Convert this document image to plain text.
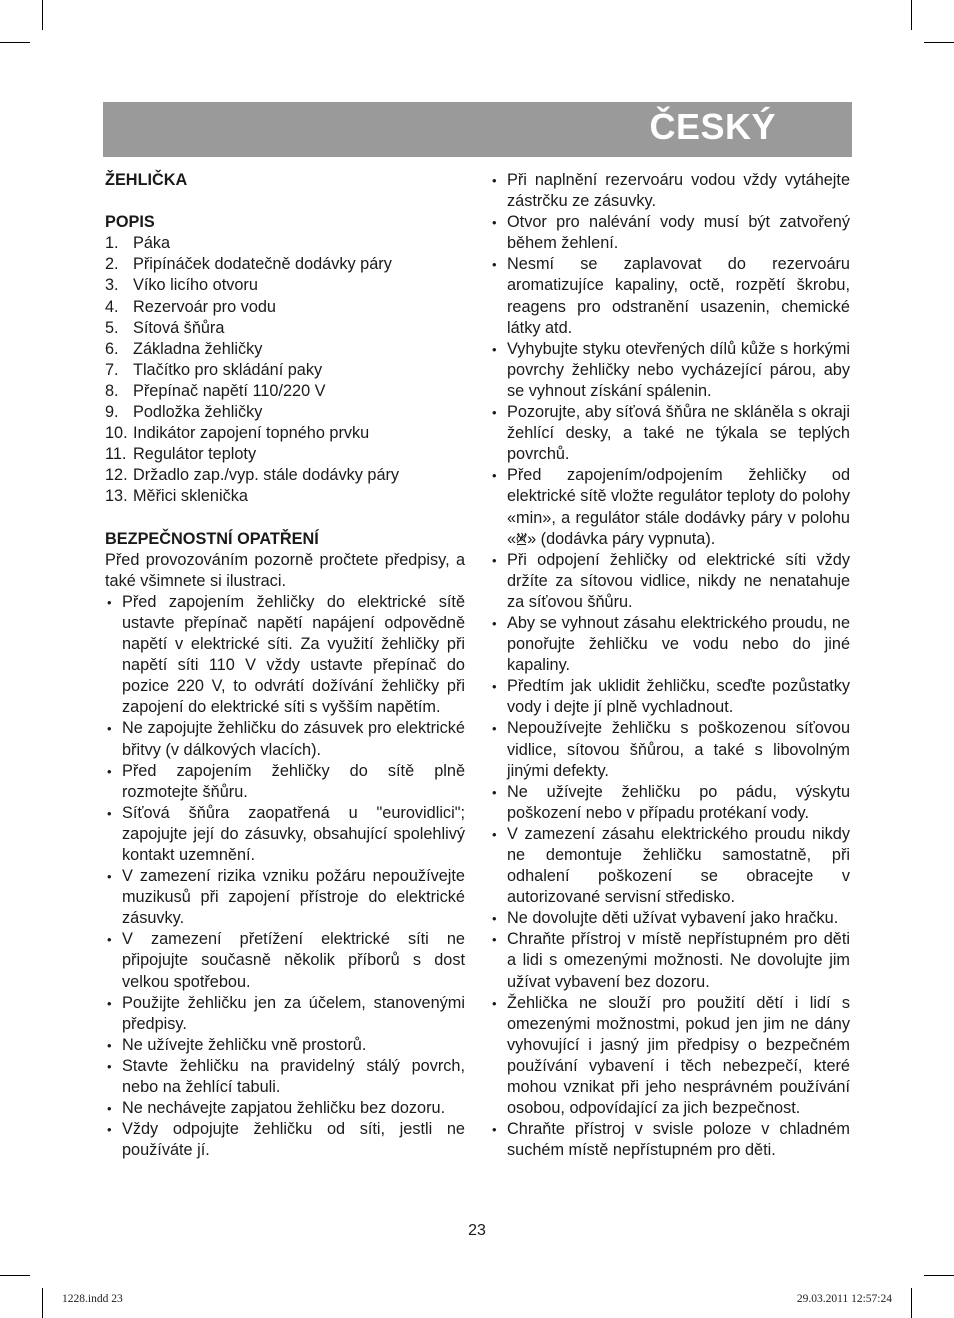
ČESKÝ
ŽEHLIČKA
POPIS
1. Páka
2. Připínáček dodatečně dodávky páry
3. Víko licího otvoru
4. Rezervoár pro vodu
5. Sítová šňůra
6. Základna žehličky
7. Tlačítko pro skládání paky
8. Přepínač napětí 110/220 V
9. Podložka žehličky
10. Indikátor zapojení topného prvku
11. Regulátor teploty
12. Držadlo zap./vyp. stále dodávky páry
13. Měřici sklenička
BEZPEČNOSTNÍ OPATŘENÍ
Před provozováním pozorně pročtete předpisy, a také všimnete si ilustraci.
• Před zapojením žehličky do elektrické sítě ustavte přepínač napětí napájení odpovědně napětí v elektrické síti. Za využití žehličky při napětí síti 110 V vždy ustavte přepínač do pozice 220 V, to odvrátí dožívání žehličky při zapojení do elektrické síti s vyšším napětím.
• Ne zapojujte žehličku do zásuvek pro elektrické břitvy (v dálkových vlacích).
• Před zapojením žehličky do sítě plně rozmotejte šňůru.
• Síťová šňůra zaopatřená u "eurovidlici"; zapojujte její do zásuvky, obsahující spolehlivý kontakt uzemnění.
• V zamezení rizika vzniku požáru nepoužívejte muzikusů při zapojení přístroje do elektrické zásuvky.
• V zamezení přetížení elektrické síti ne připojujte současně několik příborů s dost velkou spotřebou.
• Použijte žehličku jen za účelem, stanovenými předpisy.
• Ne užívejte žehličku vně prostorů.
• Stavte žehličku na pravidelný stálý povrch, nebo na žehlící tabuli.
• Ne nechávejte zapjatou žehličku bez dozoru.
• Vždy odpojujte žehličku od síti, jestli ne používáte jí.
• Při naplnění rezervoáru vodou vždy vytáhejte zástrčku ze zásuvky.
• Otvor pro nalévání vody musí být zatvořený během žehlení.
• Nesmí se zaplavovat do rezervoáru aromatizujíce kapaliny, octě, rozpětí škrobu, reagens pro odstranění usazenin, chemické látky atd.
• Vyhybujte styku otevřených dílů kůže s horkými povrchy žehličky nebo vycházející párou, aby se vyhnout získání spálenin.
• Pozorujte, aby síťová šňůra ne skláněla s okraji žehlící desky, a také ne týkala se teplých povrchů.
• Před zapojením/odpojením žehličky od elektrické sítě vložte regulátor teploty do polohy «min», a regulátor stále dodávky páry v polohu « » (dodávka páry vypnuta).
• Při odpojení žehličky od elektrické síti vždy držíte za sítovou vidlice, nikdy ne nenatahuje za síťovou šňůru.
• Aby se vyhnout zásahu elektrického proudu, ne ponořujte žehličku ve vodu nebo do jiné kapaliny.
• Předtím jak uklidit žehličku, sceďte pozůstatky vody i dejte jí plně vychladnout.
• Nepoužívejte žehličku s poškozenou síťovou vidlice, sítovou šňůrou, a také s libovolným jinými defekty.
• Ne užívejte žehličku po pádu, výskytu poškození nebo v případu protékaní vody.
• V zamezení zásahu elektrického proudu nikdy ne demontuje žehličku samostatně, při odhalení poškození se obracejte v autorizované servisní středisko.
• Ne dovolujte děti užívat vybavení jako hračku.
• Chraňte přístroj v místě nepřístupném pro děti a lidi s omezenými možnosti. Ne dovolujte jim užívat vybavení bez dozoru.
• Žehlička ne slouží pro použití dětí i lidí s omezenými možnostmi, pokud jen jim ne dány vyhovující i jasný jim předpisy o bezpečném používání vybavení i těch nebezpečí, které mohou vznikat při jeho nesprávném používání osobou, odpovídající za jich bezpečnost.
• Chraňte přístroj v svisle poloze v chladném suchém místě nepřístupném pro děti.
23
1228.indd 23	29.03.2011 12:57:24
